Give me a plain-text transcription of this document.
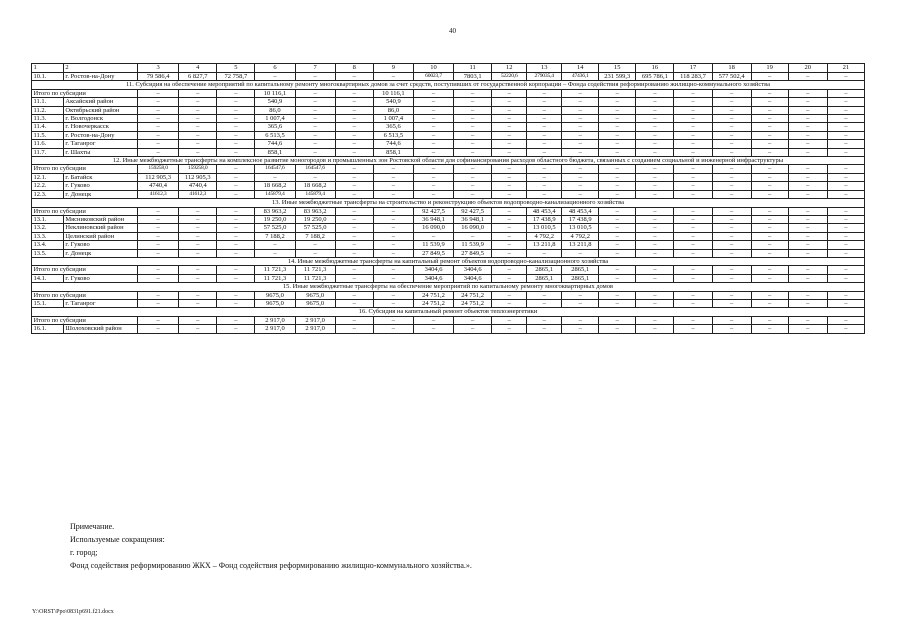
40
1	2	3	4	5	6	7	8	9	10	11	12	13	14	15	16	17	18	19	20	21
10.1.	г. Ростов-на-Дону	79 586,4	6 827,7	72 758,7	–	–	–	–	60023,7	7803,1	52220,6	279035,4	47436,1	231 599,3	695 786,1	118 283,7	577 502,4	–	–	–
11. Субсидия на обеспечение мероприятий по капитальному ремонту многоквартирных домов за счет средств, поступивших от государственной корпорации – Фонда содействия реформированию жилищно-коммунального хозяйства																				
Итого по субсидии		–	–	–	10 116,1	–	–	10 116,1	–	–	–	–	–	–	–	–	–	–	–	–
11.1.	Аксайский район	–	–	–	540,9	–	–	540,9	–	–	–	–	–	–	–	–	–	–	–	–
11.2.	Октябрьский район	–	–	–	86,0	–	–	86,0	–	–	–	–	–	–	–	–	–	–	–	–
11.3.	г. Волгодонск	–	–	–	1 007,4	–	–	1 007,4	–	–	–	–	–	–	–	–	–	–	–	–
11.4.	г. Новочеркасск	–	–	–	365,6	–	–	365,6	–	–	–	–	–	–	–	–	–	–	–	–
11.5.	г. Ростов-на-Дону	–	–	–	6 513,5	–	–	6 513,5	–	–	–	–	–	–	–	–	–	–	–	–
11.6.	г. Таганрог	–	–	–	744,6	–	–	744,6	–	–	–	–	–	–	–	–	–	–	–	–
11.7.	г. Шахты	–	–	–	858,1	–	–	858,1	–	–	–	–	–	–	–	–	–	–	–	–
12. Иные межбюджетные трансферты на комплексное развитие моногородов и промышленных зон Ростовской области для софинансирования расходов областного бюджета, связанных с созданием социальной и инженерной инфраструктуры																				
Итого по субсидии		159258,0	159258,0	–	164547,6	164547,6	–	–	–	–	–	–	–	–	–	–	–	–	–	–
12.1.	г. Батайск	112 905,3	112 905,3	–	–	–	–	–	–	–	–	–	–	–	–	–	–	–	–	–
12.2.	г. Гуково	4740,4	4740,4	–	18 668,2	18 668,2	–	–	–	–	–	–	–	–	–	–	–	–	–	–
12.3.	г. Донецк	41612,3	41612,3	–	145879,4	145879,4	–	–	–	–	–	–	–	–	–	–	–	–	–	–
13. Иные межбюджетные трансферты на строительство и реконструкцию объектов водопроводно-канализационного хозяйства																				
Итого по субсидии		–	–	–	83 963,2	83 963,2	–	–	92 427,5	92 427,5	–	48 453,4	48 453,4	–	–	–	–	–	–	–
13.1.	Мясниковский район	–	–	–	19 250,0	19 250,0	–	–	36 948,1	36 948,1	–	17 438,9	17 438,9	–	–	–	–	–	–	–
13.2.	Неклиновский район	–	–	–	57 525,0	57 525,0	–	–	16 090,0	16 090,0	–	13 010,5	13 010,5	–	–	–	–	–	–	–
13.3.	Целинский район	–	–	–	7 188,2	7 188,2	–	–	–	–	–	4 792,2	4 792,2	–	–	–	–	–	–	–
13.4.	г. Гуково	–	–	–	–	–	–	–	11 539,9	11 539,9	–	13 211,8	13 211,8	–	–	–	–	–	–	–
13.5.	г. Донецк	–	–	–	–	–	–	–	27 849,5	27 849,5	–	–	–	–	–	–	–	–	–	–
14. Иные межбюджетные трансферты на капитальный ремонт объектов водопроводно-канализационного хозяйства																				
Итого по субсидии		–	–	–	11 721,3	11 721,3	–	–	3404,6	3404,6	–	2865,1	2865,1	–	–	–	–	–	–	–
14.1.	г. Гуково	–	–	–	11 721,3	11 721,3	–	–	3404,6	3404,6	–	2865,1	2865,1	–	–	–	–	–	–	–
15. Иные межбюджетные трансферты на обеспечение мероприятий по капитальному ремонту многоквартирных домов																				
Итого по субсидии		–	–	–	9675,0	9675,0	–	–	24 751,2	24 751,2	–	–	–	–	–	–	–	–	–	–
15.1.	г. Таганрог	–	–	–	9675,0	9675,0	–	–	24 751,2	24 751,2	–	–	–	–	–	–	–	–	–	–
16. Субсидия на капитальный ремонт объектов теплоэнергетики																				
Итого по субсидии		–	–	–	2 917,0	2 917,0	–	–	–	–	–	–	–	–	–	–	–	–	–	–
16.1.	Шолоховский район	–	–	–	2 917,0	2 917,0	–	–	–	–	–	–	–	–	–	–	–	–	–	–
Примечание.
Используемые сокращения:
г. город;
Фонд содействия реформированию ЖКХ – Фонд содействия реформированию жилищно-коммунального хозяйства.».
Y:\ORST\Ppo\0831p691.f21.docx
